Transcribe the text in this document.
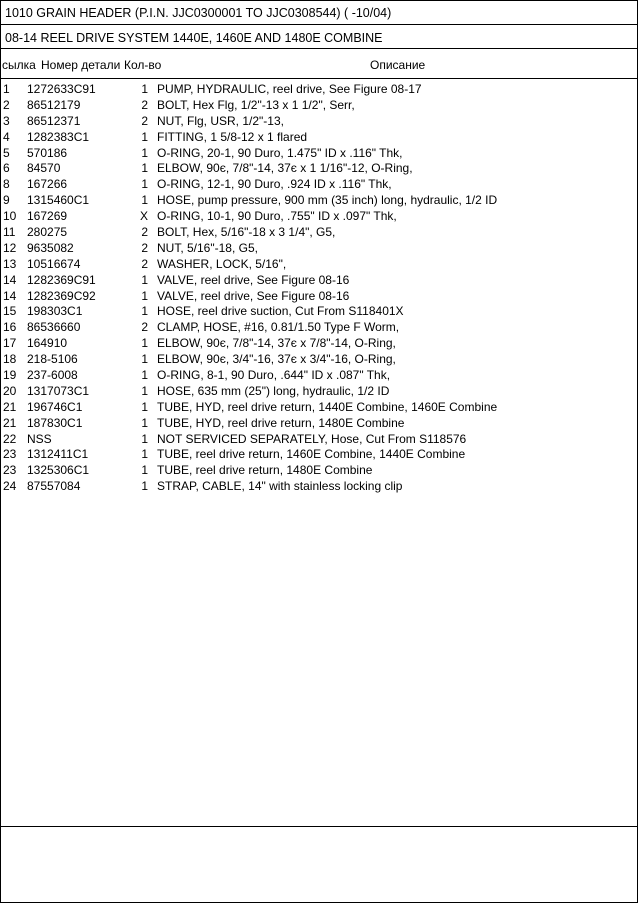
1010 GRAIN HEADER (P.I.N. JJC0300001 TO JJC0308544) ( -10/04)
08-14 REEL DRIVE SYSTEM 1440E, 1460E AND 1480E COMBINE
сылка Номер детали Кол-во	Описание
1 1272633C91	1 PUMP, HYDRAULIC, reel drive, See Figure 08-17
2 86512179	2 BOLT, Hex Flg, 1/2"-13 x 1 1/2", Serr,
3 86512371	2 NUT, Flg, USR, 1/2"-13,
4 1282383C1	1 FITTING, 1 5/8-12 x 1 flared
5 570186	1 O-RING, 20-1, 90 Duro, 1.475" ID x .116" Thk,
6 84570	1 ELBOW, 90є, 7/8"-14, 37є x 1 1/16"-12, O-Ring,
8 167266	1 O-RING, 12-1, 90 Duro, .924 ID x .116" Thk,
9 1315460C1	1 HOSE, pump pressure, 900 mm (35 inch) long, hydraulic, 1/2 ID
10 167269	X O-RING, 10-1, 90 Duro, .755" ID x .097" Thk,
11 280275	2 BOLT, Hex, 5/16"-18 x 3 1/4", G5,
12 9635082	2 NUT, 5/16"-18, G5,
13 10516674	2 WASHER, LOCK, 5/16",
14 1282369C91	1 VALVE, reel drive, See Figure 08-16
14 1282369C92	1 VALVE, reel drive, See Figure 08-16
15 198303C1	1 HOSE, reel drive suction, Cut From S118401X
16 86536660	2 CLAMP, HOSE, #16, 0.81/1.50 Type F Worm,
17 164910	1 ELBOW, 90є, 7/8"-14, 37є x 7/8"-14, O-Ring,
18 218-5106	1 ELBOW, 90є, 3/4"-16, 37є x 3/4"-16, O-Ring,
19 237-6008	1 O-RING, 8-1, 90 Duro, .644" ID x .087" Thk,
20 1317073C1	1 HOSE, 635 mm (25") long, hydraulic, 1/2 ID
21 196746C1	1 TUBE, HYD, reel drive return, 1440E Combine, 1460E Combine
21 187830C1	1 TUBE, HYD, reel drive return, 1480E Combine
22 NSS	1 NOT SERVICED SEPARATELY, Hose, Cut From S118576
23 1312411C1	1 TUBE, reel drive return, 1460E Combine, 1440E Combine
23 1325306C1	1 TUBE, reel drive return, 1480E Combine
24 87557084	1 STRAP, CABLE, 14" with stainless locking clip
